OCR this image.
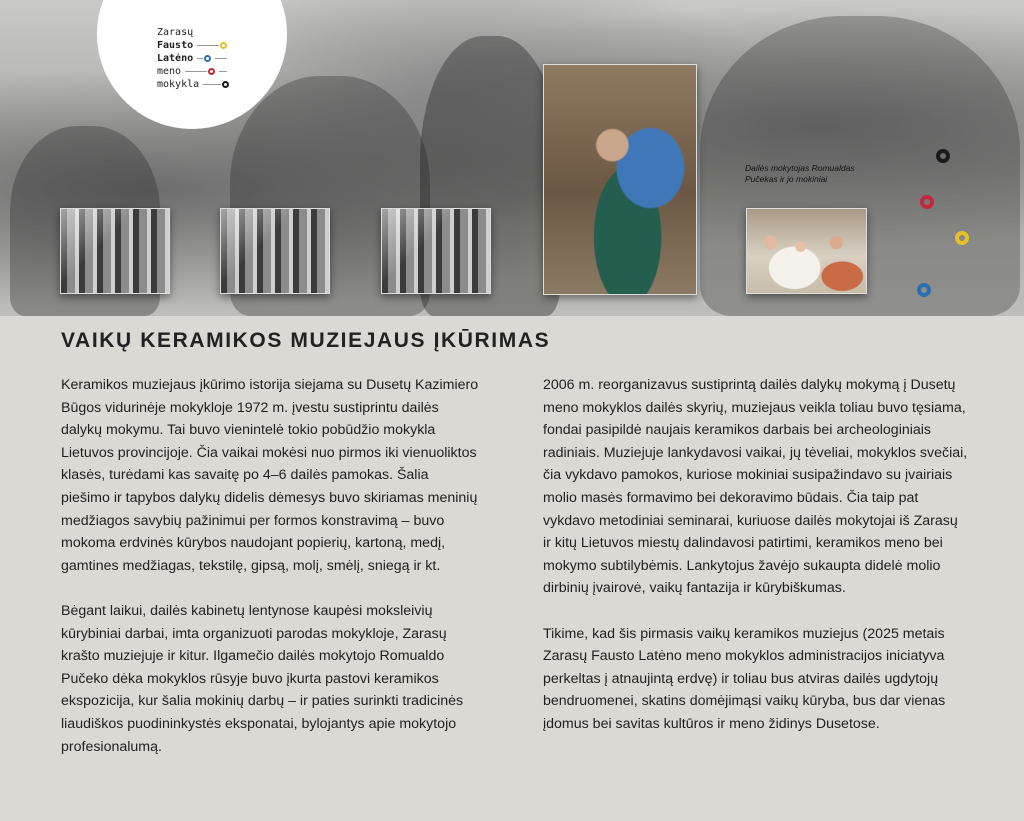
Zarasų
Fausto
Latėno
meno
mokykla
Dailės mokytojas Romualdas Pučekas ir jo mokiniai
VAIKŲ KERAMIKOS MUZIEJAUS ĮKŪRIMAS

Keramikos muziejaus įkūrimo istorija siejama su Dusetų Kazimiero Būgos vidurinėje mokykloje 1972 m. įvestu sustiprintu dailės dalykų mokymu. Tai buvo vienintelė tokio pobūdžio mokykla Lietuvos provincijoje. Čia vaikai mokėsi nuo pirmos iki vienuoliktos klasės, turėdami kas savaitę po 4–6 dailės pamokas. Šalia piešimo ir tapybos dalykų didelis dėmesys buvo skiriamas meninių medžiagos savybių pažinimui per formos konstravimą – buvo mokoma erdvinės kūrybos naudojant popierių, kartoną, medį, gamtines medžiagas, tekstilę, gipsą, molį, smėlį, sniegą ir kt.

Bėgant laikui, dailės kabinetų lentynose kaupėsi moksleivių kūrybiniai darbai, imta organizuoti parodas mokykloje, Zarasų krašto muziejuje ir kitur. Ilgamečio dailės mokytojo Romualdo Pučeko dėka mokyklos rūsyje buvo įkurta pastovi keramikos ekspozicija, kur šalia mokinių darbų – ir paties surinkti tradicinės liaudiškos puodininkystės eksponatai, bylojantys apie mokytojo profesionalumą.

2006 m. reorganizavus sustiprintą dailės dalykų mokymą į Dusetų meno mokyklos dailės skyrių, muziejaus veikla toliau buvo tęsiama, fondai pasipildė naujais keramikos darbais bei archeologiniais radiniais. Muziejuje lankydavosi vaikai, jų tėveliai, mokyklos svečiai, čia vykdavo pamokos, kuriose mokiniai susipažindavo su įvairiais molio masės formavimo bei dekoravimo būdais. Čia taip pat vykdavo metodiniai seminarai, kuriuose dailės mokytojai iš Zarasų ir kitų Lietuvos miestų dalindavosi patirtimi, keramikos meno bei mokymo subtilybėmis. Lankytojus žavėjo sukaupta didelė molio dirbinių įvairovė, vaikų fantazija ir kūrybiškumas.

Tikime, kad šis pirmasis vaikų keramikos muziejus (2025 metais Zarasų Fausto Latėno meno mokyklos administracijos iniciatyva perkeltas į atnaujintą erdvę) ir toliau bus atviras dailės ugdytojų bendruomenei, skatins domėjimąsi vaikų kūryba, bus dar vienas įdomus bei savitas kultūros ir meno židinys Dusetose.
